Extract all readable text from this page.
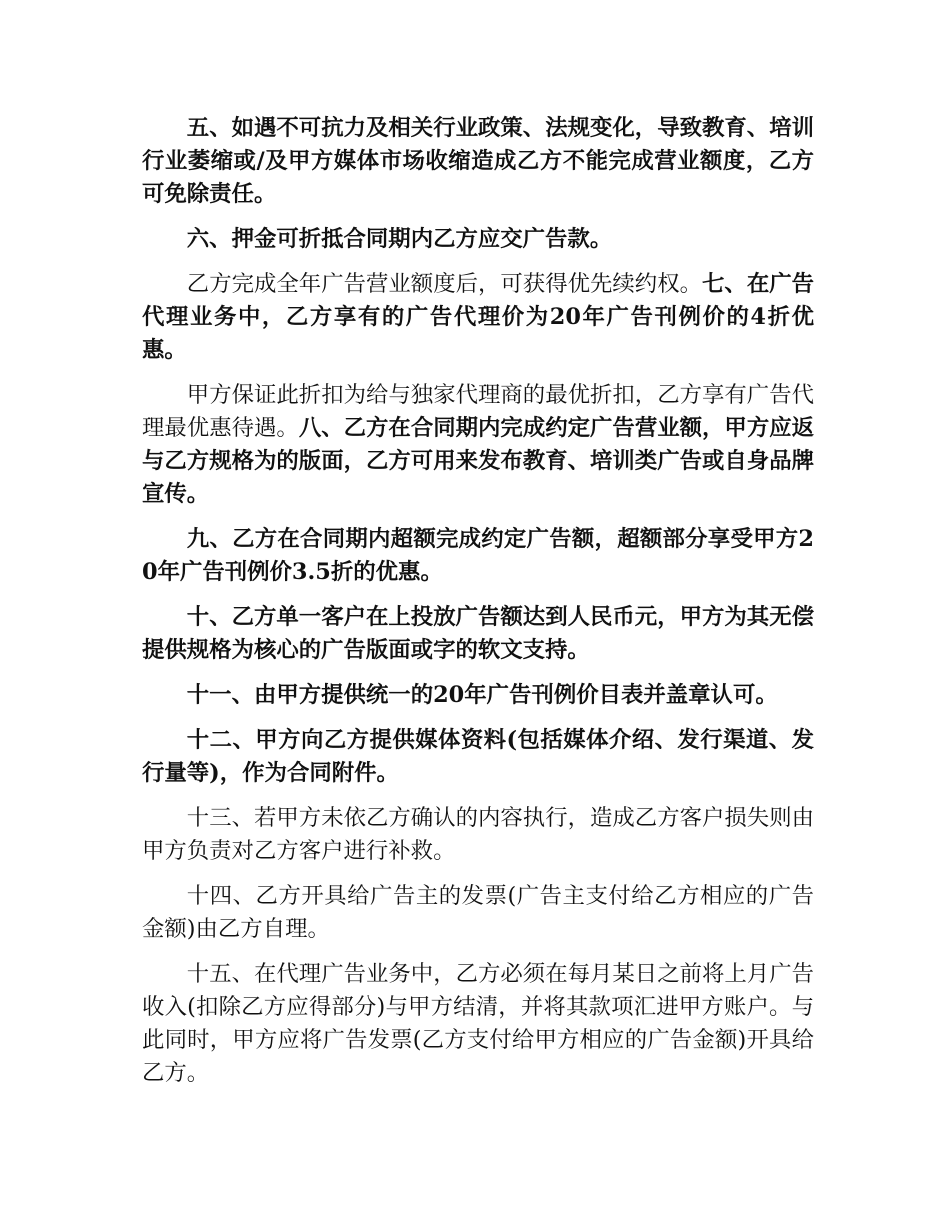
五、如遇不可抗力及相关行业政策、法规变化，导致教育、培训行业萎缩或/及甲方媒体市场收缩造成乙方不能完成营业额度，乙方可免除责任。

六、押金可折抵合同期内乙方应交广告款。

乙方完成全年广告营业额度后，可获得优先续约权。七、在广告代理业务中，乙方享有的广告代理价为20年广告刊例价的4折优惠。

甲方保证此折扣为给与独家代理商的最优折扣，乙方享有广告代理最优惠待遇。八、乙方在合同期内完成约定广告营业额，甲方应返与乙方规格为的版面，乙方可用来发布教育、培训类广告或自身品牌宣传。

九、乙方在合同期内超额完成约定广告额，超额部分享受甲方20年广告刊例价3.5折的优惠。

十、乙方单一客户在上投放广告额达到人民币元，甲方为其无偿提供规格为核心的广告版面或字的软文支持。

十一、由甲方提供统一的20年广告刊例价目表并盖章认可。

十二、甲方向乙方提供媒体资料(包括媒体介绍、发行渠道、发行量等)，作为合同附件。

十三、若甲方未依乙方确认的内容执行，造成乙方客户损失则由甲方负责对乙方客户进行补救。

十四、乙方开具给广告主的发票(广告主支付给乙方相应的广告金额)由乙方自理。

十五、在代理广告业务中，乙方必须在每月某日之前将上月广告收入(扣除乙方应得部分)与甲方结清，并将其款项汇进甲方账户。与此同时，甲方应将广告发票(乙方支付给甲方相应的广告金额)开具给乙方。
